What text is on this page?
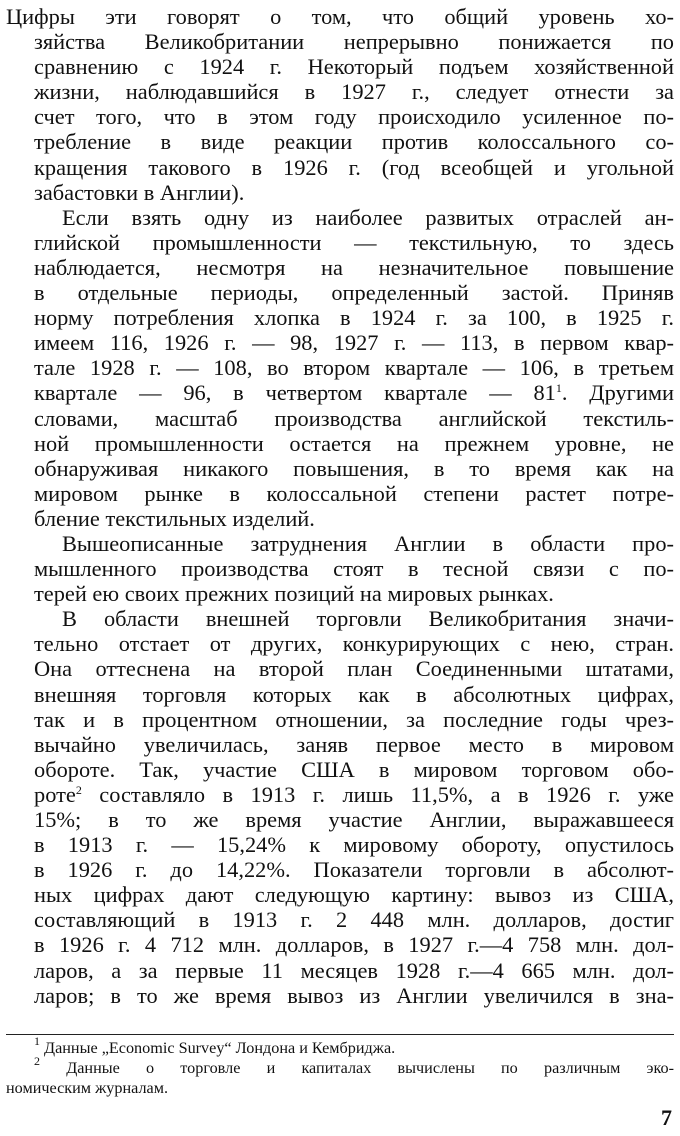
Цифры эти говорят о том, что общий уровень хо-
зяйства Великобритании непрерывно понижается по
сравнению с 1924 г. Некоторый подъем хозяйственной
жизни, наблюдавшийся в 1927 г., следует отнести за
счет того, что в этом году происходило усиленное по-
требление в виде реакции против колоссального со-
кращения такового в 1926 г. (год всеобщей и угольной
забастовки в Англии).
Если взять одну из наиболее развитых отраслей ан-
глийской промышленности — текстильную, то здесь
наблюдается, несмотря на незначительное повышение
в отдельные периоды, определенный застой. Приняв
норму потребления хлопка в 1924 г. за 100, в 1925 г.
имеем 116, 1926 г. — 98, 1927 г. — 113, в первом квар-
тале 1928 г. — 108, во втором квартале — 106, в третьем
квартале — 96, в четвертом квартале — $81^1$. Другими
словами, масштаб производства английской текстиль-
ной промышленности остается на прежнем уровне, не
обнаруживая никакого повышения, в то время как на
мировом рынке в колоссальной степени растет потре-
бление текстильных изделий.
Вышеописанные затруднения Англии в области про-
мышленного производства стоят в тесной связи с по-
терей ею своих прежних позиций на мировых рынках.
В области внешней торговли Великобритания значи-
тельно отстает от других, конкурирующих с нею, стран.
Она оттеснена на второй план Соединенными штатами,
внешняя торговля которых как в абсолютных цифрах,
так и в процентном отношении, за последние годы чрез-
вычайно увеличилась, заняв первое место в мировом
обороте. Так, участие США в мировом торговом обо-
роте$^2$ составляло в 1913 г. лишь 11,5%, а в 1926 г. уже
15%; в то же время участие Англии, выражавшееся
в 1913 г. — 15,24% к мировому обороту, опустилось
в 1926 г. до 14,22%. Показатели торговли в абсолют-
ных цифрах дают следующую картину: вывоз из США,
составляющий в 1913 г. 2 448 млн. долларов, достиг
в 1926 г. 4 712 млн. долларов, в 1927 г.—4 758 млн. дол-
ларов, а за первые 11 месяцев 1928 г.—4 665 млн. дол-
ларов; в то же время вывоз из Англии увеличился в зна-
$^1$ Данные „Economic Survey“ Лондона и Кембриджа.
$^2$ Данные о торговле и капиталах вычислены по различным эко-
номическим журналам.
7
